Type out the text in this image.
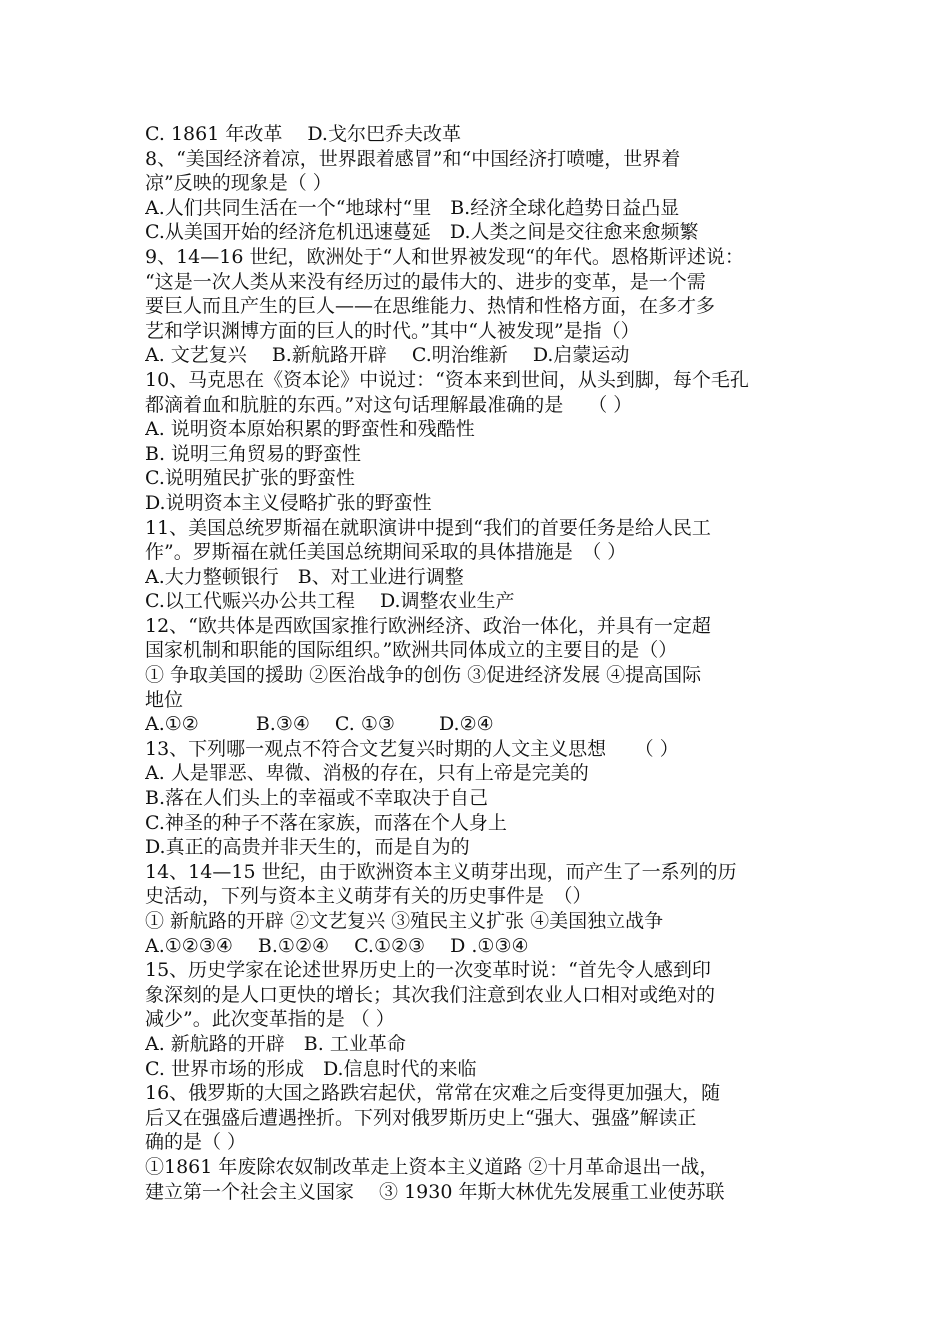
C. 1861 年改革　 D.戈尔巴乔夫改革
8、“美国经济着凉，世界跟着感冒”和“中国经济打喷嚏，世界着
凉”反映的现象是（ ）
A.人们共同生活在一个“地球村“里　B.经济全球化趋势日益凸显
C.从美国开始的经济危机迅速蔓延　D.人类之间是交往愈来愈频繁
9、14—16 世纪，欧洲处于“人和世界被发现“的年代。恩格斯评述说：
“这是一次人类从来没有经历过的最伟大的、进步的变革，是一个需
要巨人而且产生的巨人——在思维能力、热情和性格方面，在多才多
艺和学识渊博方面的巨人的时代。”其中“人被发现”是指（）
A. 文艺复兴　 B.新航路开辟　 C.明治维新　 D.启蒙运动
10、马克思在《资本论》中说过：“资本来到世间，从头到脚，每个毛孔
都滴着血和肮脏的东西。”对这句话理解最准确的是　 （ ）
A. 说明资本原始积累的野蛮性和残酷性
B. 说明三角贸易的野蛮性
C.说明殖民扩张的野蛮性
D.说明资本主义侵略扩张的野蛮性
11、美国总统罗斯福在就职演讲中提到“我们的首要任务是给人民工
作”。罗斯福在就任美国总统期间采取的具体措施是　（ ）
A.大力整顿银行　B、对工业进行调整
C.以工代赈兴办公共工程　 D.调整农业生产
12、“欧共体是西欧国家推行欧洲经济、政治一体化，并具有一定超
国家机制和职能的国际组织。”欧洲共同体成立的主要目的是（）
① 争取美国的援助 ②医治战争的创伤 ③促进经济发展 ④提高国际
地位
A.①②　　　B.③④　 C. ①③　　 D.②④
13、下列哪一观点不符合文艺复兴时期的人文主义思想　　（ ）
A. 人是罪恶、卑微、消极的存在，只有上帝是完美的
B.落在人们头上的幸福或不幸取决于自己
C.神圣的种子不落在家族，而落在个人身上
D.真正的高贵并非天生的，而是自为的
14、14—15 世纪，由于欧洲资本主义萌芽出现，而产生了一系列的历
史活动，下列与资本主义萌芽有关的历史事件是　（）
① 新航路的开辟 ②文艺复兴 ③殖民主义扩张 ④美国独立战争
A.①②③④　 B.①②④　 C.①②③　 D .①③④
15、历史学家在论述世界历史上的一次变革时说：“首先令人感到印
象深刻的是人口更快的增长；其次我们注意到农业人口相对或绝对的
减少”。此次变革指的是 （ ）
A. 新航路的开辟　B. 工业革命
C. 世界市场的形成　D.信息时代的来临
16、俄罗斯的大国之路跌宕起伏，常常在灾难之后变得更加强大，随
后又在强盛后遭遇挫折。下列对俄罗斯历史上“强大、强盛”解读正
确的是（ ）
①1861 年废除农奴制改革走上资本主义道路 ②十月革命退出一战，
建立第一个社会主义国家　 ③ 1930 年斯大林优先发展重工业使苏联
